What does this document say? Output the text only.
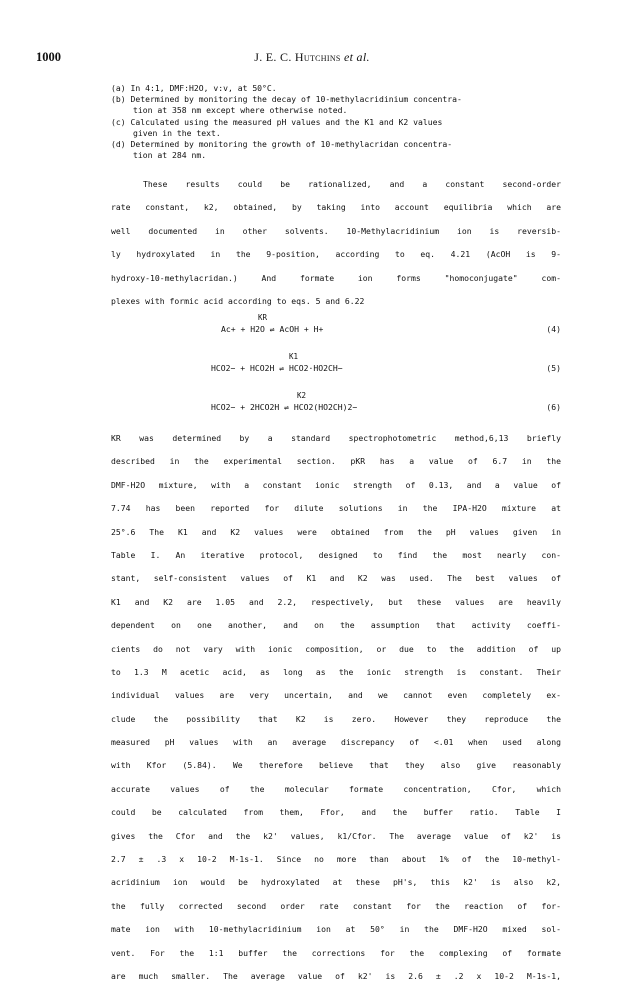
1000	J. E. C. Hutchins et al.
(a) In 4:1, DMF:H2O, v:v, at 50°C.
(b) Determined by monitoring the decay of 10-methylacridinium concentra-
tion at 358 nm except where otherwise noted.
(c) Calculated using the measured pH values and the K1 and K2 values
given in the text.
(d) Determined by monitoring the growth of 10-methylacridan concentra-
tion at 284 nm.
These results could be rationalized, and a constant second-order
rate constant, k2, obtained, by taking into account equilibria which are
well documented in other solvents. 10-Methylacridinium ion is reversib-
ly hydroxylated in the 9-position, according to eq. 4.21 (AcOH is 9-
hydroxy-10-methylacridan.) And formate ion forms "homoconjugate" com-
plexes with formic acid according to eqs. 5 and 6.22
KR
Ac+ + H2O ⇌ AcOH + H+	(4)
K1
HCO2− + HCO2H ⇌ HCO2·HO2CH−	(5)
K2
HCO2− + 2HCO2H ⇌ HCO2(HO2CH)2−	(6)
KR was determined by a standard spectrophotometric method,6,13 briefly
described in the experimental section. pKR has a value of 6.7 in the
DMF-H2O mixture, with a constant ionic strength of 0.13, and a value of
7.74 has been reported for dilute solutions in the IPA-H2O mixture at
25°.6 The K1 and K2 values were obtained from the pH values given in
Table I. An iterative protocol, designed to find the most nearly con-
stant, self-consistent values of K1 and K2 was used. The best values of
K1 and K2 are 1.05 and 2.2, respectively, but these values are heavily
dependent on one another, and on the assumption that activity coeffi-
cients do not vary with ionic composition, or due to the addition of up
to 1.3 M acetic acid, as long as the ionic strength is constant. Their
individual values are very uncertain, and we cannot even completely ex-
clude the possibility that K2 is zero. However they reproduce the
measured pH values with an average discrepancy of <.01 when used along
with Kfor (5.84). We therefore believe that they also give reasonably
accurate values of the molecular formate concentration, Cfor, which
could be calculated from them, Ffor, and the buffer ratio. Table I
gives the Cfor and the k2' values, k1/Cfor. The average value of k2' is
2.7 ± .3 x 10-2 M-1s-1. Since no more than about 1% of the 10-methyl-
acridinium ion would be hydroxylated at these pH's, this k2' is also k2,
the fully corrected second order rate constant for the reaction of for-
mate ion with 10-methylacridinium ion at 50° in the DMF-H2O mixed sol-
vent. For the 1:1 buffer the corrections for the complexing of formate
are much smaller. The average value of k2' is 2.6 ± .2 x 10-2 M-1s-1,
